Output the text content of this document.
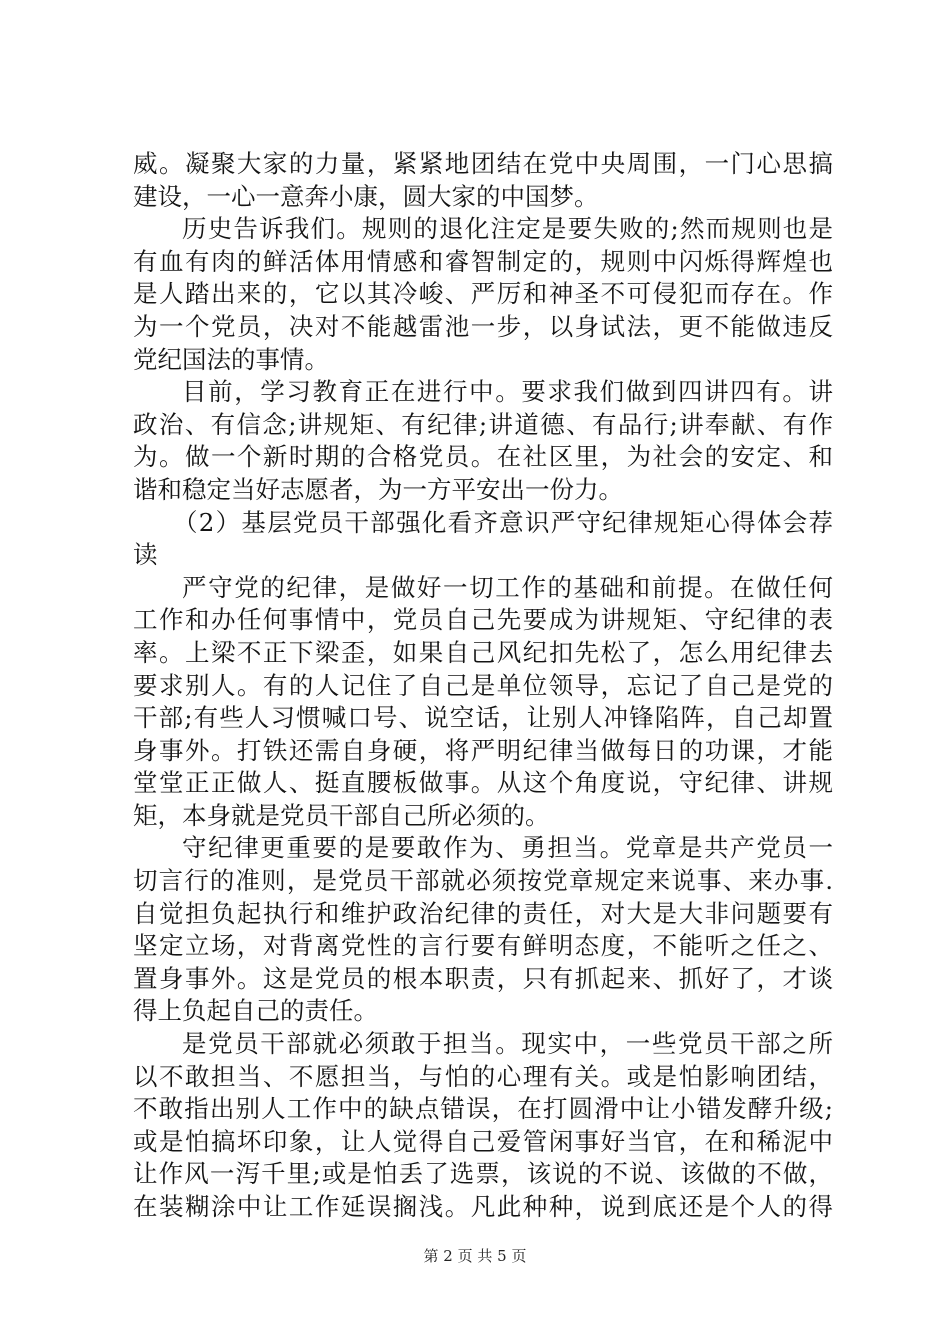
威。凝聚大家的力量，紧紧地团结在党中央周围，一门心思搞
建设，一心一意奔小康，圆大家的中国梦。
历史告诉我们。规则的退化注定是要失败的;然而规则也是
有血有肉的鲜活体用情感和睿智制定的，规则中闪烁得辉煌也
是人踏出来的，它以其冷峻、严厉和神圣不可侵犯而存在。作
为一个党员，决对不能越雷池一步，以身试法，更不能做违反
党纪国法的事情。
目前，学习教育正在进行中。要求我们做到四讲四有。讲
政治、有信念;讲规矩、有纪律;讲道德、有品行;讲奉献、有作
为。做一个新时期的合格党员。在社区里，为社会的安定、和
谐和稳定当好志愿者，为一方平安出一份力。
（2）基层党员干部强化看齐意识严守纪律规矩心得体会荐
读
严守党的纪律，是做好一切工作的基础和前提。在做任何
工作和办任何事情中，党员自己先要成为讲规矩、守纪律的表
率。上梁不正下梁歪，如果自己风纪扣先松了，怎么用纪律去
要求别人。有的人记住了自己是单位领导，忘记了自己是党的
干部;有些人习惯喊口号、说空话，让别人冲锋陷阵，自己却置
身事外。打铁还需自身硬，将严明纪律当做每日的功课，才能
堂堂正正做人、挺直腰板做事。从这个角度说，守纪律、讲规
矩，本身就是党员干部自己所必须的。
守纪律更重要的是要敢作为、勇担当。党章是共产党员一
切言行的准则，是党员干部就必须按党章规定来说事、来办事.
自觉担负起执行和维护政治纪律的责任，对大是大非问题要有
坚定立场，对背离党性的言行要有鲜明态度，不能听之任之、
置身事外。这是党员的根本职责，只有抓起来、抓好了，才谈
得上负起自己的责任。
是党员干部就必须敢于担当。现实中，一些党员干部之所
以不敢担当、不愿担当，与怕的心理有关。或是怕影响团结，
不敢指出别人工作中的缺点错误，在打圆滑中让小错发酵升级;
或是怕搞坏印象，让人觉得自己爱管闲事好当官，在和稀泥中
让作风一泻千里;或是怕丢了选票，该说的不说、该做的不做，
在装糊涂中让工作延误搁浅。凡此种种，说到底还是个人的得
第 2 页 共 5 页
